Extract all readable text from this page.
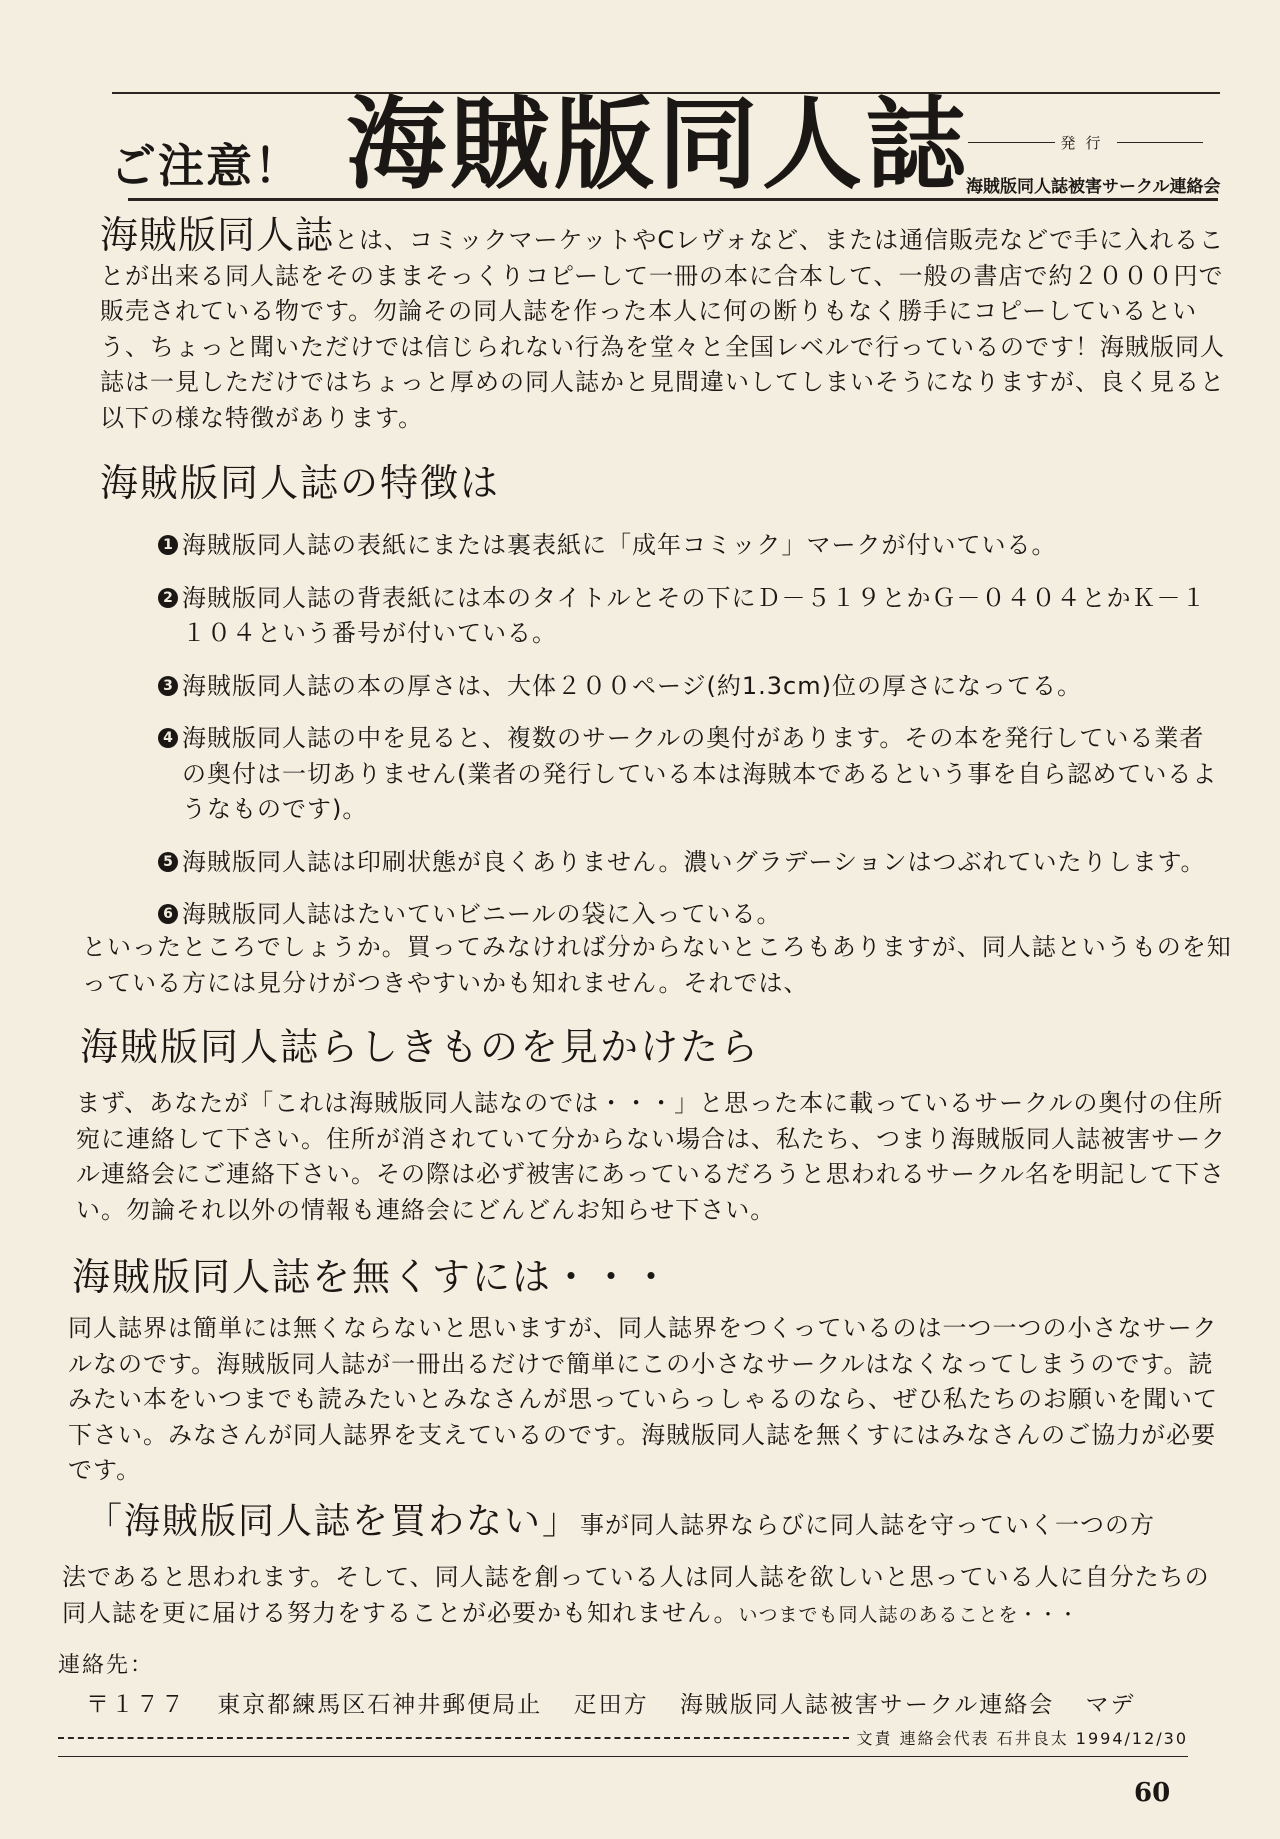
ご注意！ 海賊版同人誌	発行
海賊版同人誌被害サークル連絡会
海賊版同人誌とは、コミックマーケットやCレヴォなど、または通信販売などで手に入れることが出来る同人誌をそのままそっくりコピーして一冊の本に合本して、一般の書店で約２０００円で販売されている物です。勿論その同人誌を作った本人に何の断りもなく勝手にコピーしているという、ちょっと聞いただけでは信じられない行為を堂々と全国レベルで行っているのです！海賊版同人誌は一見しただけではちょっと厚めの同人誌かと見間違いしてしまいそうになりますが、良く見ると以下の様な特徴があります。
海賊版同人誌の特徴は
1 海賊版同人誌の表紙にまたは裏表紙に「成年コミック」マークが付いている。
2 海賊版同人誌の背表紙には本のタイトルとその下にＤ－５１９とかＧ－０４０４とかＫ－１１０４という番号が付いている。
3 海賊版同人誌の本の厚さは、大体２００ページ(約1.3cm)位の厚さになってる。
4 海賊版同人誌の中を見ると、複数のサークルの奥付があります。その本を発行している業者の奥付は一切ありません(業者の発行している本は海賊本であるという事を自ら認めているようなものです)。
5 海賊版同人誌は印刷状態が良くありません。濃いグラデーションはつぶれていたりします。
6 海賊版同人誌はたいていビニールの袋に入っている。
といったところでしょうか。買ってみなければ分からないところもありますが、同人誌というものを知っている方には見分けがつきやすいかも知れません。それでは、
海賊版同人誌らしきものを見かけたら
まず、あなたが「これは海賊版同人誌なのでは・・・」と思った本に載っているサークルの奥付の住所宛に連絡して下さい。住所が消されていて分からない場合は、私たち、つまり海賊版同人誌被害サークル連絡会にご連絡下さい。その際は必ず被害にあっているだろうと思われるサークル名を明記して下さい。勿論それ以外の情報も連絡会にどんどんお知らせ下さい。
海賊版同人誌を無くすには・・・
同人誌界は簡単には無くならないと思いますが、同人誌界をつくっているのは一つ一つの小さなサークルなのです。海賊版同人誌が一冊出るだけで簡単にこの小さなサークルはなくなってしまうのです。読みたい本をいつまでも読みたいとみなさんが思っていらっしゃるのなら、ぜひ私たちのお願いを聞いて下さい。みなさんが同人誌界を支えているのです。海賊版同人誌を無くすにはみなさんのご協力が必要です。
「海賊版同人誌を買わない」事が同人誌界ならびに同人誌を守っていく一つの方
法であると思われます。そして、同人誌を創っている人は同人誌を欲しいと思っている人に自分たちの同人誌を更に届ける努力をすることが必要かも知れません。いつまでも同人誌のあることを・・・
連絡先：
〒１７７ 東京都練馬区石神井郵便局止 疋田方 海賊版同人誌被害サークル連絡会 マデ
文責 連絡会代表 石井良太 1994/12/30
60
